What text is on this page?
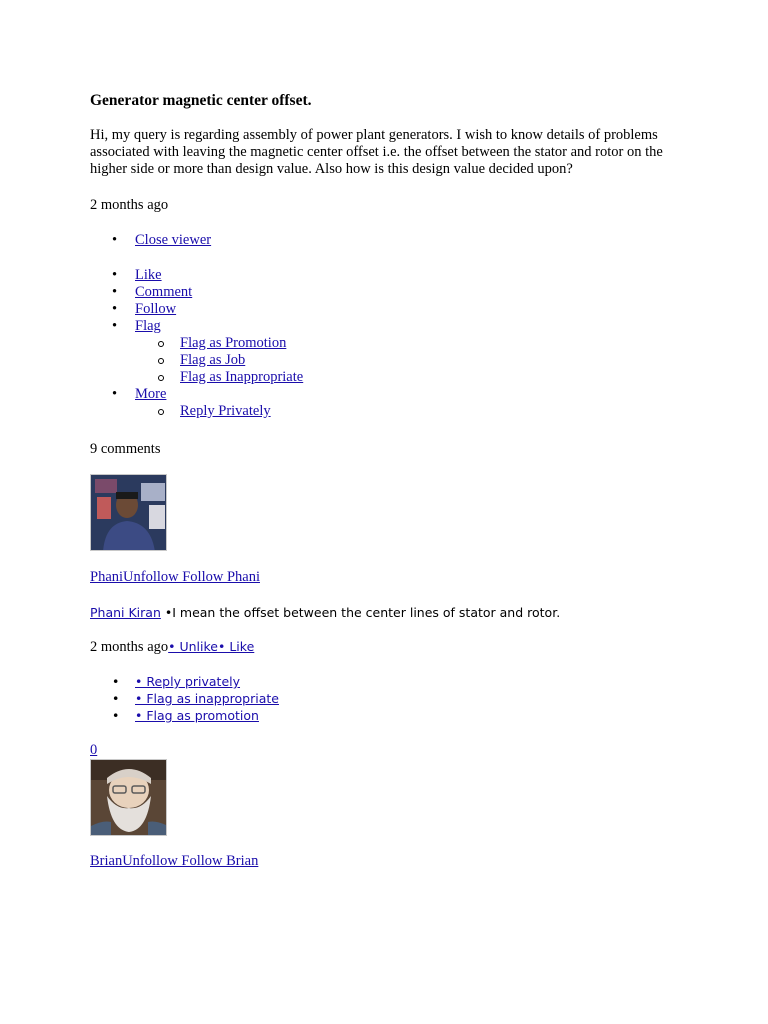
Generator magnetic center offset.

Hi, my query is regarding assembly of power plant generators. I wish to know details of problems associated with leaving the magnetic center offset i.e. the offset between the stator and rotor on the higher side or more than design value. Also how is this design value decided upon?

2 months ago

• Close viewer
• Like
• Comment
• Follow
• Flag
Flag as Promotion
Flag as Job
Flag as Inappropriate
• More
Reply Privately

9 comments

PhaniUnfollow Follow Phani

Phani Kiran •I mean the offset between the center lines of stator and rotor.

2 months ago• Unlike• Like

• • Reply privately
• • Flag as inappropriate
• • Flag as promotion

0

BrianUnfollow Follow Brian
